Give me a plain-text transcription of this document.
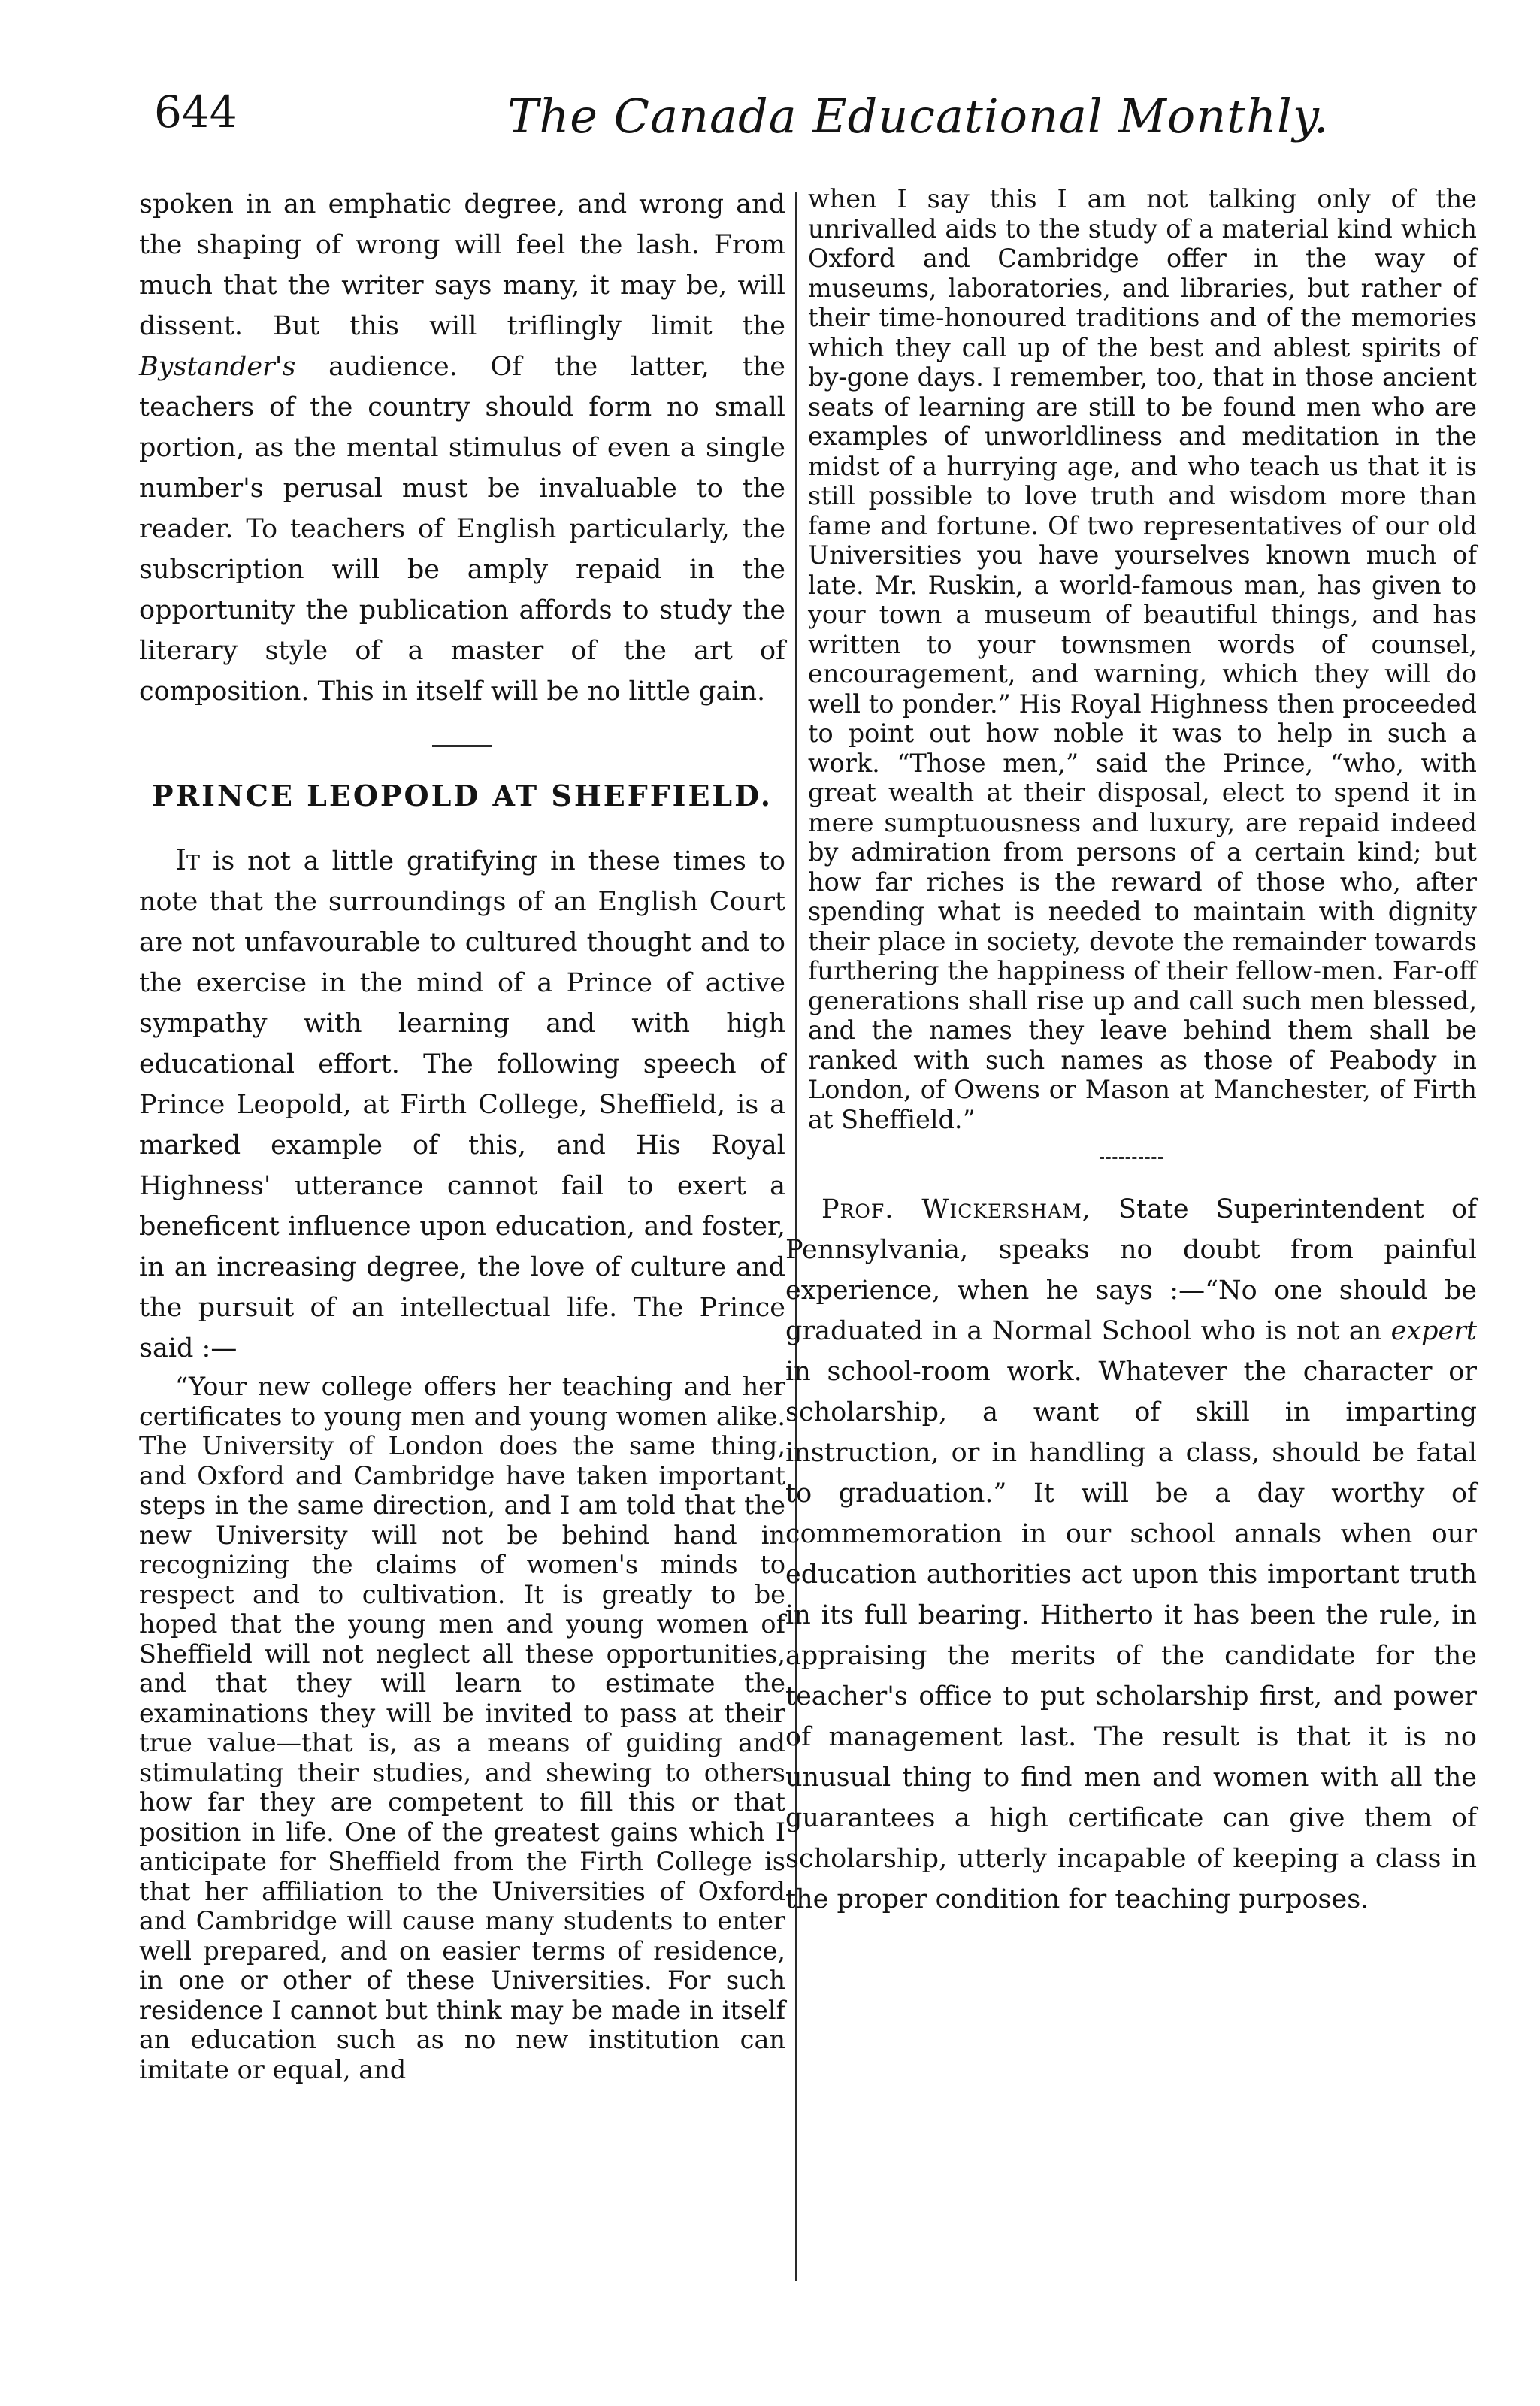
644	The Canada Educational Monthly.

spoken in an emphatic degree, and wrong and the shaping of wrong will feel the lash. From much that the writer says many, it may be, will dissent. But this will triflingly limit the Bystander's audience. Of the latter, the teachers of the country should form no small portion, as the mental stimulus of even a single number's perusal must be invaluable to the reader. To teachers of English particularly, the subscription will be amply repaid in the opportunity the publication affords to study the literary style of a master of the art of composition. This in itself will be no little gain.

PRINCE LEOPOLD AT SHEFFIELD.

It is not a little gratifying in these times to note that the surroundings of an English Court are not unfavourable to cultured thought and to the exercise in the mind of a Prince of active sympathy with learning and with high educational effort. The following speech of Prince Leopold, at Firth College, Sheffield, is a marked example of this, and His Royal Highness' utterance cannot fail to exert a beneficent influence upon education, and foster, in an increasing degree, the love of culture and the pursuit of an intellectual life. The Prince said :—

“Your new college offers her teaching and her certificates to young men and young women alike. The University of London does the same thing, and Oxford and Cambridge have taken important steps in the same direction, and I am told that the new University will not be behind hand in recognizing the claims of women's minds to respect and to cultivation. It is greatly to be hoped that the young men and young women of Sheffield will not neglect all these opportunities, and that they will learn to estimate the examinations they will be invited to pass at their true value—that is, as a means of guiding and stimulating their studies, and shewing to others how far they are competent to fill this or that position in life. One of the greatest gains which I anticipate for Sheffield from the Firth College is that her affiliation to the Universities of Oxford and Cambridge will cause many students to enter well prepared, and on easier terms of residence, in one or other of these Universities. For such residence I cannot but think may be made in itself an education such as no new institution can imitate or equal, and

when I say this I am not talking only of the unrivalled aids to the study of a material kind which Oxford and Cambridge offer in the way of museums, laboratories, and libraries, but rather of their time-honoured traditions and of the memories which they call up of the best and ablest spirits of by-gone days. I remember, too, that in those ancient seats of learning are still to be found men who are examples of unworldliness and meditation in the midst of a hurrying age, and who teach us that it is still possible to love truth and wisdom more than fame and fortune. Of two representatives of our old Universities you have yourselves known much of late. Mr. Ruskin, a world-famous man, has given to your town a museum of beautiful things, and has written to your townsmen words of counsel, encouragement, and warning, which they will do well to ponder.” His Royal Highness then proceeded to point out how noble it was to help in such a work. “Those men,” said the Prince, “who, with great wealth at their disposal, elect to spend it in mere sumptuousness and luxury, are repaid indeed by admiration from persons of a certain kind; but how far riches is the reward of those who, after spending what is needed to maintain with dignity their place in society, devote the remainder towards furthering the happiness of their fellow-men. Far-off generations shall rise up and call such men blessed, and the names they leave behind them shall be ranked with such names as those of Peabody in London, of Owens or Mason at Manchester, of Firth at Sheffield.”

Prof. Wickersham, State Superintendent of Pennsylvania, speaks no doubt from painful experience, when he says :—“No one should be graduated in a Normal School who is not an expert in school-room work. Whatever the character or scholarship, a want of skill in imparting instruction, or in handling a class, should be fatal to graduation.” It will be a day worthy of commemoration in our school annals when our education authorities act upon this important truth in its full bearing. Hitherto it has been the rule, in appraising the merits of the candidate for the teacher's office to put scholarship first, and power of management last. The result is that it is no unusual thing to find men and women with all the guarantees a high certificate can give them of scholarship, utterly incapable of keeping a class in the proper condition for teaching purposes.
